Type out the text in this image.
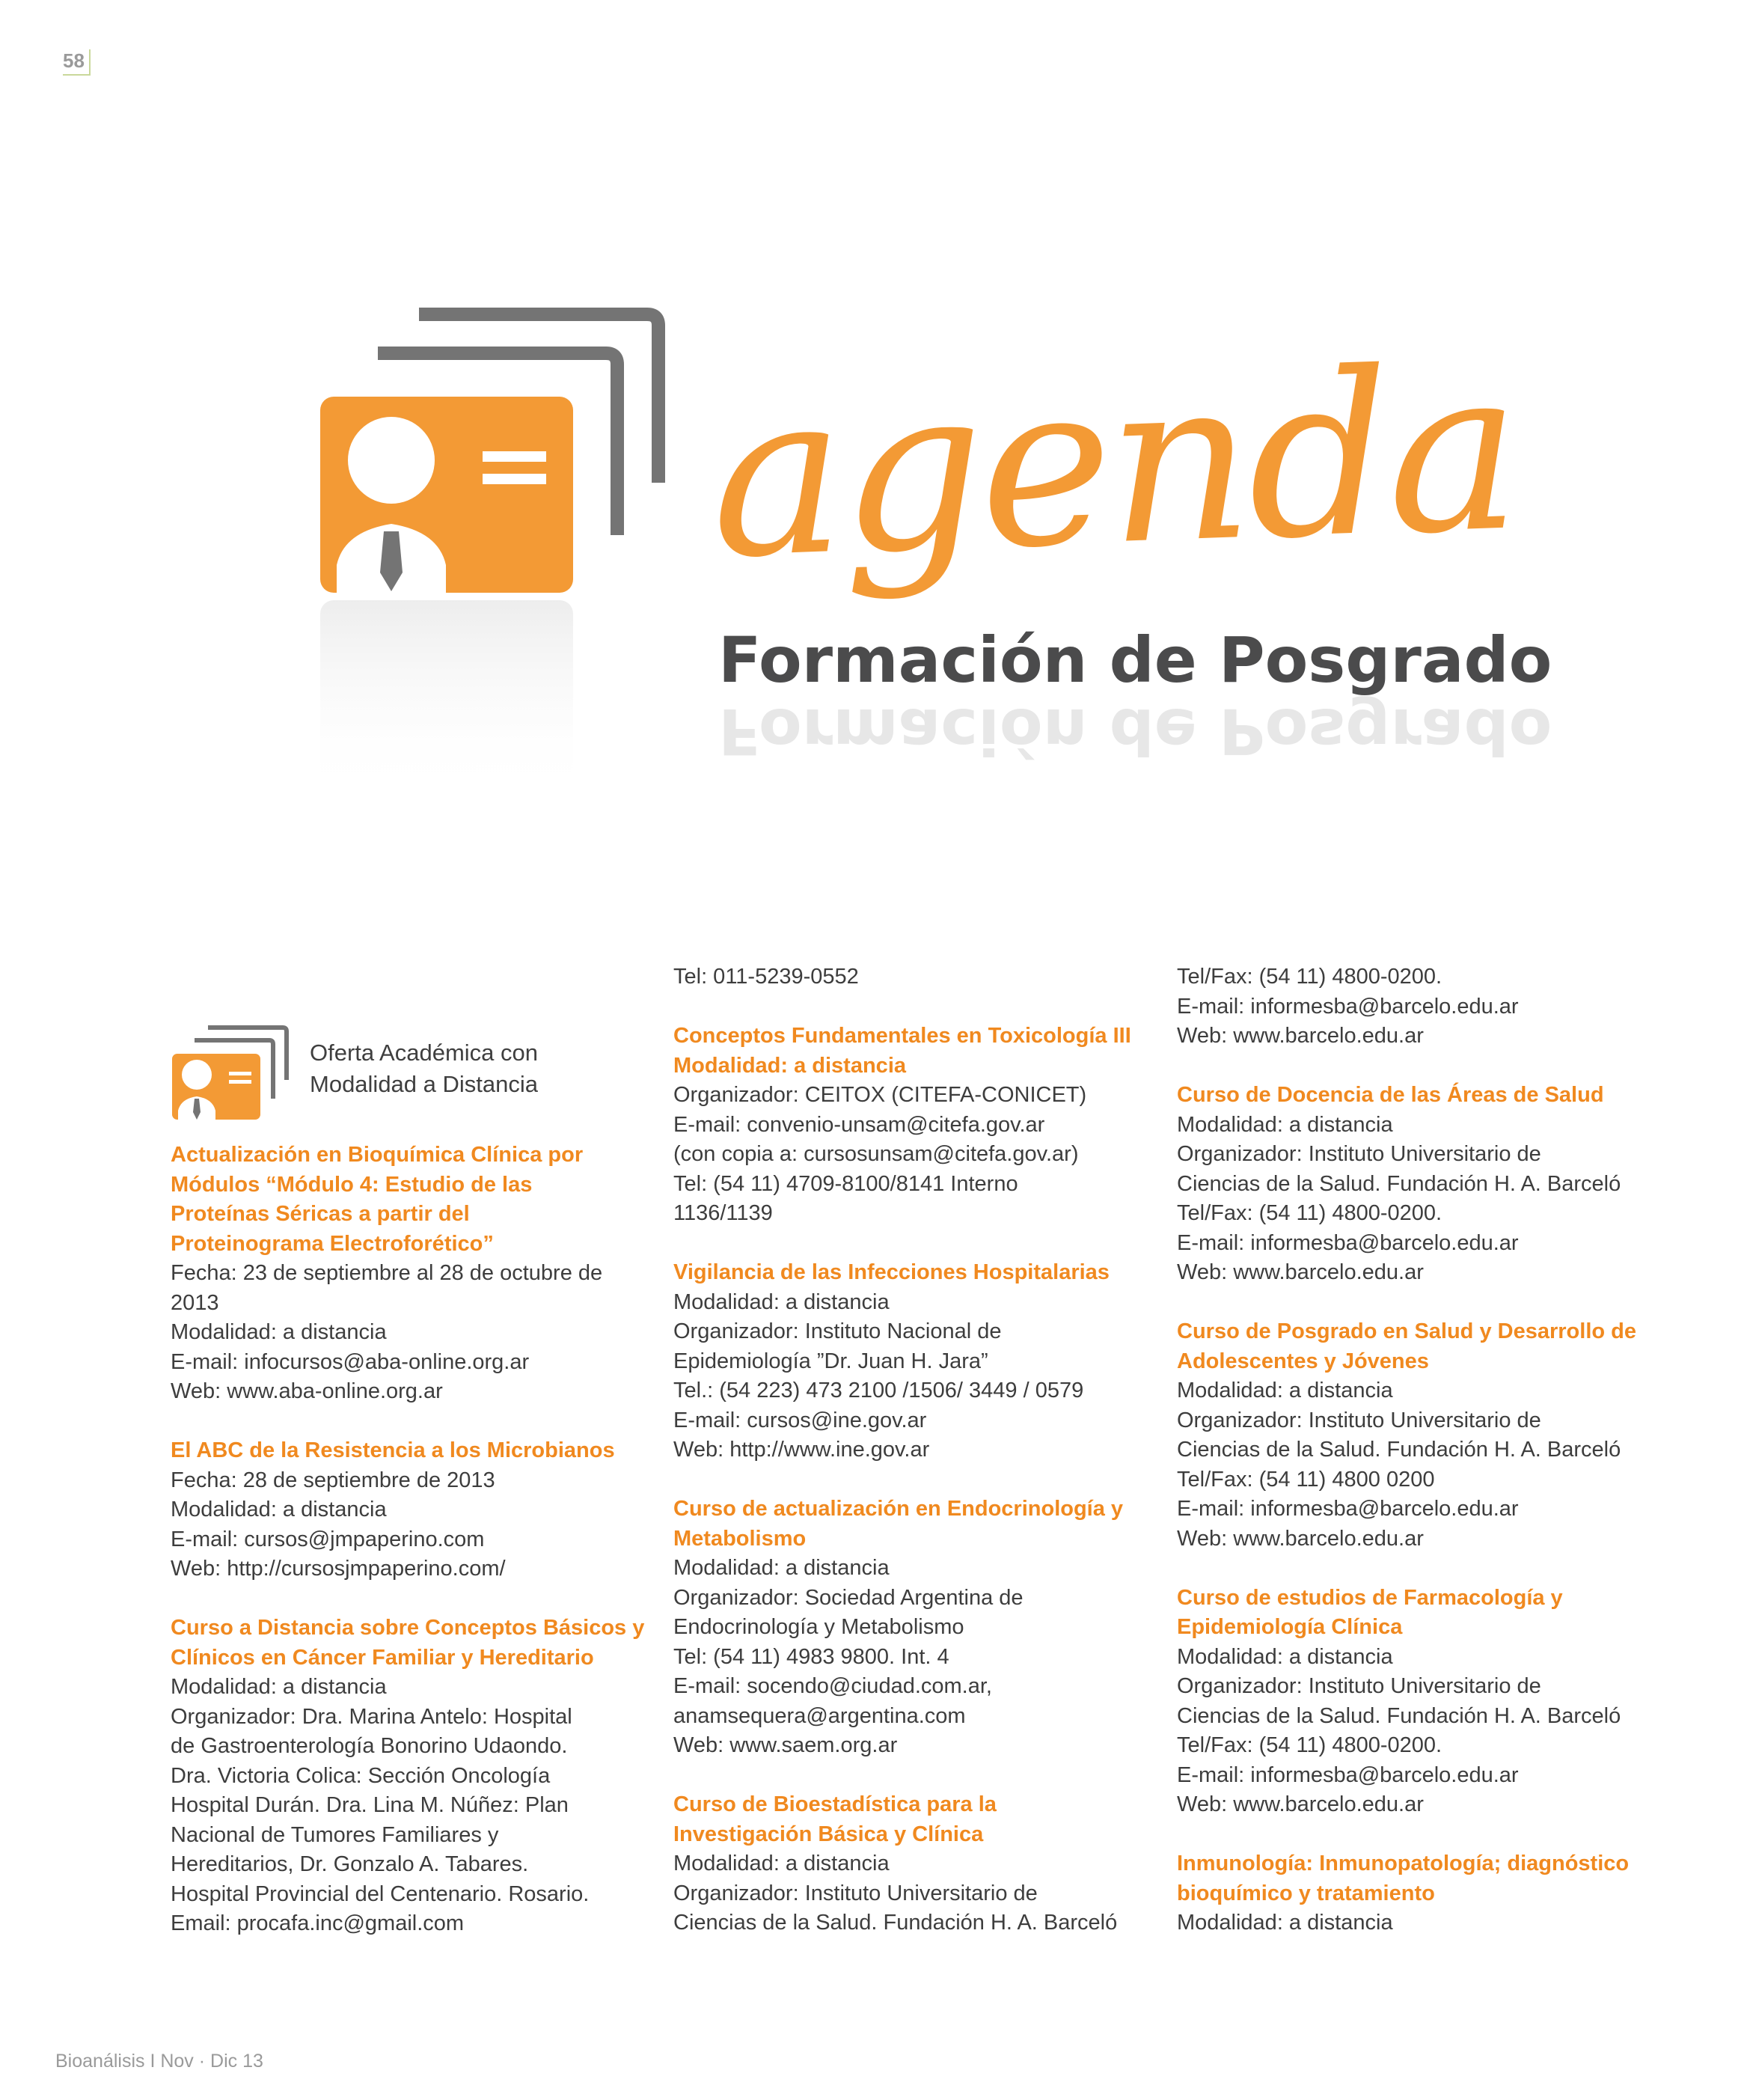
58
agenda
Formación de Posgrado
Formación de Posgrado
Oferta Académica con
Modalidad a Distancia
Actualización en Bioquímica Clínica por
Módulos “Módulo 4: Estudio de las
Proteínas Séricas a partir del
Proteinograma Electroforético”
Fecha: 23 de septiembre al 28 de octubre de
2013
Modalidad: a distancia
E-mail: infocursos@aba-online.org.ar
Web: www.aba-online.org.ar
El ABC de la Resistencia a los Microbianos
Fecha: 28 de septiembre de 2013
Modalidad: a distancia
E-mail: cursos@jmpaperino.com
Web: http://cursosjmpaperino.com/
Curso a Distancia sobre Conceptos Básicos y
Clínicos en Cáncer Familiar y Hereditario
Modalidad: a distancia
Organizador: Dra. Marina Antelo: Hospital
de Gastroenterología Bonorino Udaondo.
Dra. Victoria Colica: Sección Oncología
Hospital Durán. Dra. Lina M. Núñez: Plan
Nacional de Tumores Familiares y
Hereditarios, Dr. Gonzalo A. Tabares.
Hospital Provincial del Centenario. Rosario.
Email: procafa.inc@gmail.com
Tel: 011-5239-0552
Conceptos Fundamentales en Toxicología III
Modalidad: a distancia
Organizador: CEITOX (CITEFA-CONICET)
E-mail: convenio-unsam@citefa.gov.ar
(con copia a: cursosunsam@citefa.gov.ar)
Tel: (54 11) 4709-8100/8141 Interno
1136/1139
Vigilancia de las Infecciones Hospitalarias
Modalidad: a distancia
Organizador: Instituto Nacional de
Epidemiología ”Dr. Juan H. Jara”
Tel.: (54 223) 473 2100 /1506/ 3449 / 0579
E-mail: cursos@ine.gov.ar
Web: http://www.ine.gov.ar
Curso de actualización en Endocrinología y
Metabolismo
Modalidad: a distancia
Organizador: Sociedad Argentina de
Endocrinología y Metabolismo
Tel: (54 11) 4983 9800. Int. 4
E-mail: socendo@ciudad.com.ar,
anamsequera@argentina.com
Web: www.saem.org.ar
Curso de Bioestadística para la
Investigación Básica y Clínica
Modalidad: a distancia
Organizador: Instituto Universitario de
Ciencias de la Salud. Fundación H. A. Barceló
Tel/Fax: (54 11) 4800-0200.
E-mail: informesba@barcelo.edu.ar
Web: www.barcelo.edu.ar
Curso de Docencia de las Áreas de Salud
Modalidad: a distancia
Organizador: Instituto Universitario de
Ciencias de la Salud. Fundación H. A. Barceló
Tel/Fax: (54 11) 4800-0200.
E-mail: informesba@barcelo.edu.ar
Web: www.barcelo.edu.ar
Curso de Posgrado en Salud y Desarrollo de
Adolescentes y Jóvenes
Modalidad: a distancia
Organizador: Instituto Universitario de
Ciencias de la Salud. Fundación H. A. Barceló
Tel/Fax: (54 11) 4800 0200
E-mail: informesba@barcelo.edu.ar
Web: www.barcelo.edu.ar
Curso de estudios de Farmacología y
Epidemiología Clínica
Modalidad: a distancia
Organizador: Instituto Universitario de
Ciencias de la Salud. Fundación H. A. Barceló
Tel/Fax: (54 11) 4800-0200.
E-mail: informesba@barcelo.edu.ar
Web: www.barcelo.edu.ar
Inmunología: Inmunopatología; diagnóstico
bioquímico y tratamiento
Modalidad: a distancia
Bioanálisis I Nov · Dic 13
